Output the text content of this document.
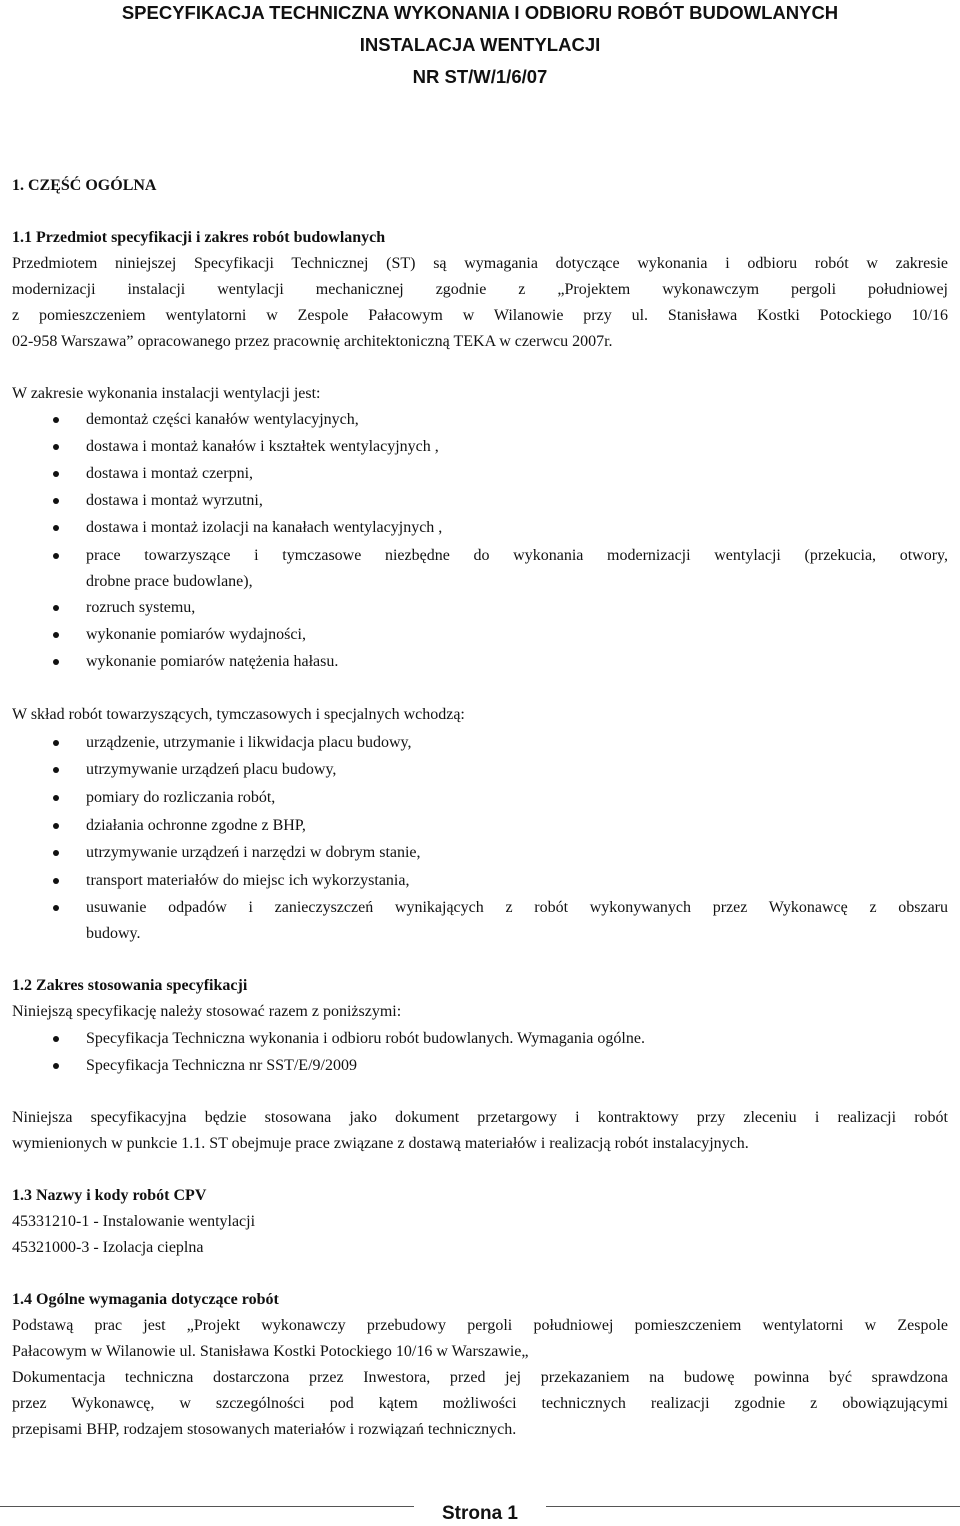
SPECYFIKACJA TECHNICZNA WYKONANIA I ODBIORU ROBÓT BUDOWLANYCH
INSTALACJA WENTYLACJI
NR ST/W/1/6/07
1. CZĘŚĆ OGÓLNA
1.1 Przedmiot specyfikacji i zakres robót budowlanych
Przedmiotem niniejszej Specyfikacji Technicznej (ST) są wymagania dotyczące wykonania i odbioru robót w zakresie
modernizacji instalacji wentylacji mechanicznej zgodnie z „Projektem wykonawczym pergoli południowej
z pomieszczeniem wentylatorni w Zespole Pałacowym w Wilanowie przy ul. Stanisława Kostki Potockiego 10/16
02-958 Warszawa” opracowanego przez pracownię architektoniczną TEKA w czerwcu 2007r.
W zakresie wykonania instalacji wentylacji jest:
demontaż części kanałów wentylacyjnych,
dostawa i montaż kanałów i kształtek wentylacyjnych ,
dostawa i montaż czerpni,
dostawa i montaż wyrzutni,
dostawa i montaż izolacji na kanałach wentylacyjnych ,
prace towarzyszące i tymczasowe niezbędne do wykonania modernizacji wentylacji (przekucia, otwory,
drobne prace budowlane),
rozruch systemu,
wykonanie pomiarów wydajności,
wykonanie pomiarów natężenia hałasu.
W skład robót towarzyszących, tymczasowych i specjalnych wchodzą:
urządzenie, utrzymanie i likwidacja placu budowy,
utrzymywanie urządzeń placu budowy,
pomiary do rozliczania robót,
działania ochronne zgodne z BHP,
utrzymywanie urządzeń i narzędzi w dobrym stanie,
transport materiałów do miejsc ich wykorzystania,
usuwanie odpadów i zanieczyszczeń wynikających z robót wykonywanych przez Wykonawcę z obszaru
budowy.
1.2 Zakres stosowania specyfikacji
Niniejszą specyfikację należy stosować razem z poniższymi:
Specyfikacja Techniczna wykonania i odbioru robót budowlanych. Wymagania ogólne.
Specyfikacja Techniczna nr SST/E/9/2009
Niniejsza specyfikacyjna będzie stosowana jako dokument przetargowy i kontraktowy przy zleceniu i realizacji robót
wymienionych w punkcie 1.1. ST obejmuje prace związane z dostawą materiałów i realizacją robót instalacyjnych.
1.3 Nazwy i kody robót CPV
45331210-1 - Instalowanie wentylacji
45321000-3 - Izolacja cieplna
1.4 Ogólne wymagania dotyczące robót
Podstawą prac jest „Projekt wykonawczy przebudowy pergoli południowej pomieszczeniem wentylatorni w Zespole
Pałacowym w Wilanowie ul. Stanisława Kostki Potockiego 10/16 w Warszawie„
Dokumentacja techniczna dostarczona przez Inwestora, przed jej przekazaniem na budowę powinna być sprawdzona
przez Wykonawcę, w szczególności pod kątem możliwości technicznych realizacji zgodnie z obowiązującymi
przepisami BHP, rodzajem stosowanych materiałów i rozwiązań technicznych.
Strona 1
